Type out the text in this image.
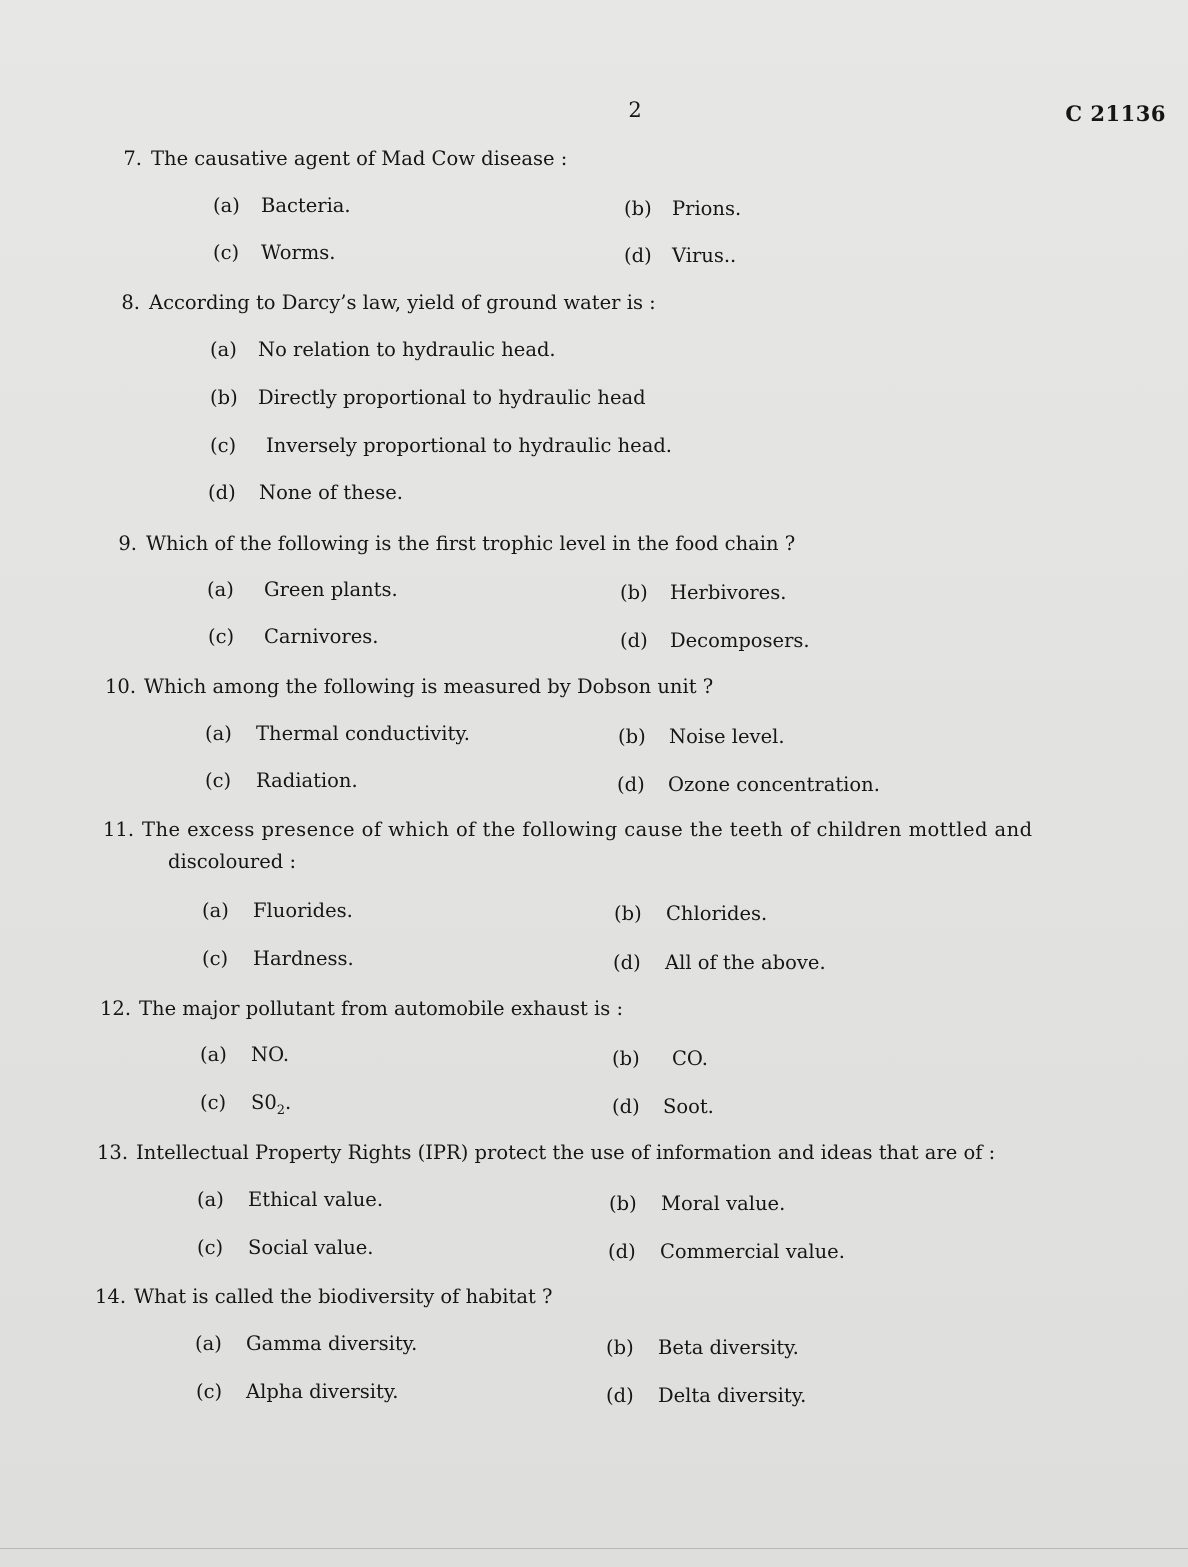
2	C 21136
7. The causative agent of Mad Cow disease :
(a) Bacteria.	(b) Prions.
(c) Worms.	(d) Virus..
8. According to Darcy’s law, yield of ground water is :
(a) No relation to hydraulic head.
(b) Directly proportional to hydraulic head
(c) Inversely proportional to hydraulic head.
(d) None of these.
9. Which of the following is the first trophic level in the food chain ?
(a) Green plants.	(b) Herbivores.
(c) Carnivores.	(d) Decomposers.
10. Which among the following is measured by Dobson unit ?
(a) Thermal conductivity.	(b) Noise level.
(c) Radiation.	(d) Ozone concentration.
11. The excess presence of which of the following cause the teeth of children mottled and
discoloured :
(a) Fluorides.	(b) Chlorides.
(c) Hardness.	(d) All of the above.
12. The major pollutant from automobile exhaust is :
(a) NO.	(b) CO.
(c) $S0_2$.	(d) Soot.
13. Intellectual Property Rights (IPR) protect the use of information and ideas that are of :
(a) Ethical value.	(b) Moral value.
(c) Social value.	(d) Commercial value.
14. What is called the biodiversity of habitat ?
(a) Gamma diversity.	(b) Beta diversity.
(c) Alpha diversity.	(d) Delta diversity.
